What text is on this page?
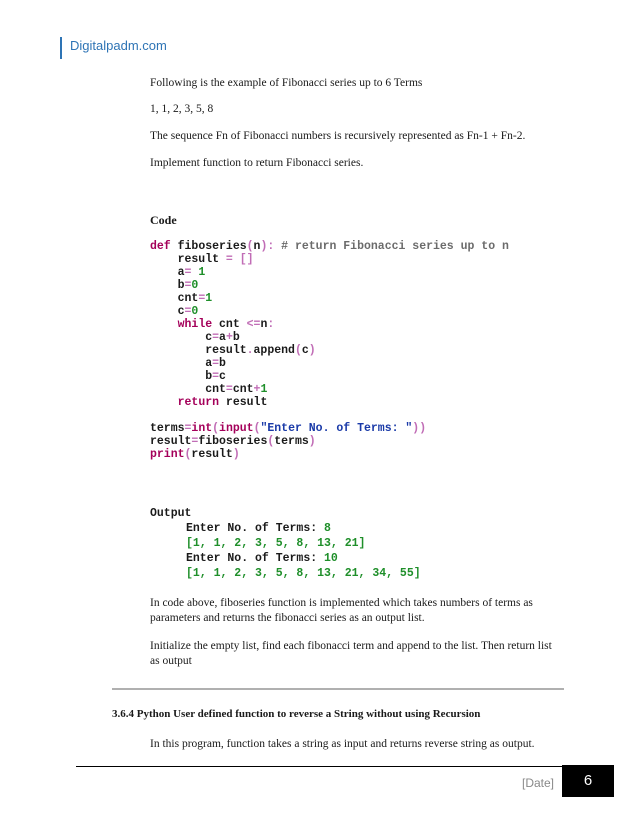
Digitalpadm.com
Following is the example of Fibonacci series up to 6 Terms
1, 1, 2, 3, 5, 8
The sequence Fn of Fibonacci numbers is recursively represented as Fn-1 + Fn-2.
Implement function to return Fibonacci series.
Code
def fiboseries(n): # return Fibonacci series up to n
result = []
a= 1
b=0
cnt=1
c=0
while cnt <=n:
c=a+b
result.append(c)
a=b
b=c
cnt=cnt+1
return result

terms=int(input("Enter No. of Terms: "))
result=fiboseries(terms)
print(result)
Output
Enter No. of Terms: 8
[1, 1, 2, 3, 5, 8, 13, 21]
Enter No. of Terms: 10
[1, 1, 2, 3, 5, 8, 13, 21, 34, 55]
In code above, fiboseries function is implemented which takes numbers of terms as parameters and returns the fibonacci series as an output list.
Initialize the empty list, find each fibonacci term and append to the list. Then return list as output
3.6.4 Python User defined function to reverse a String without using Recursion
In this program, function takes a string as input and returns reverse string as output.
[Date]	6
